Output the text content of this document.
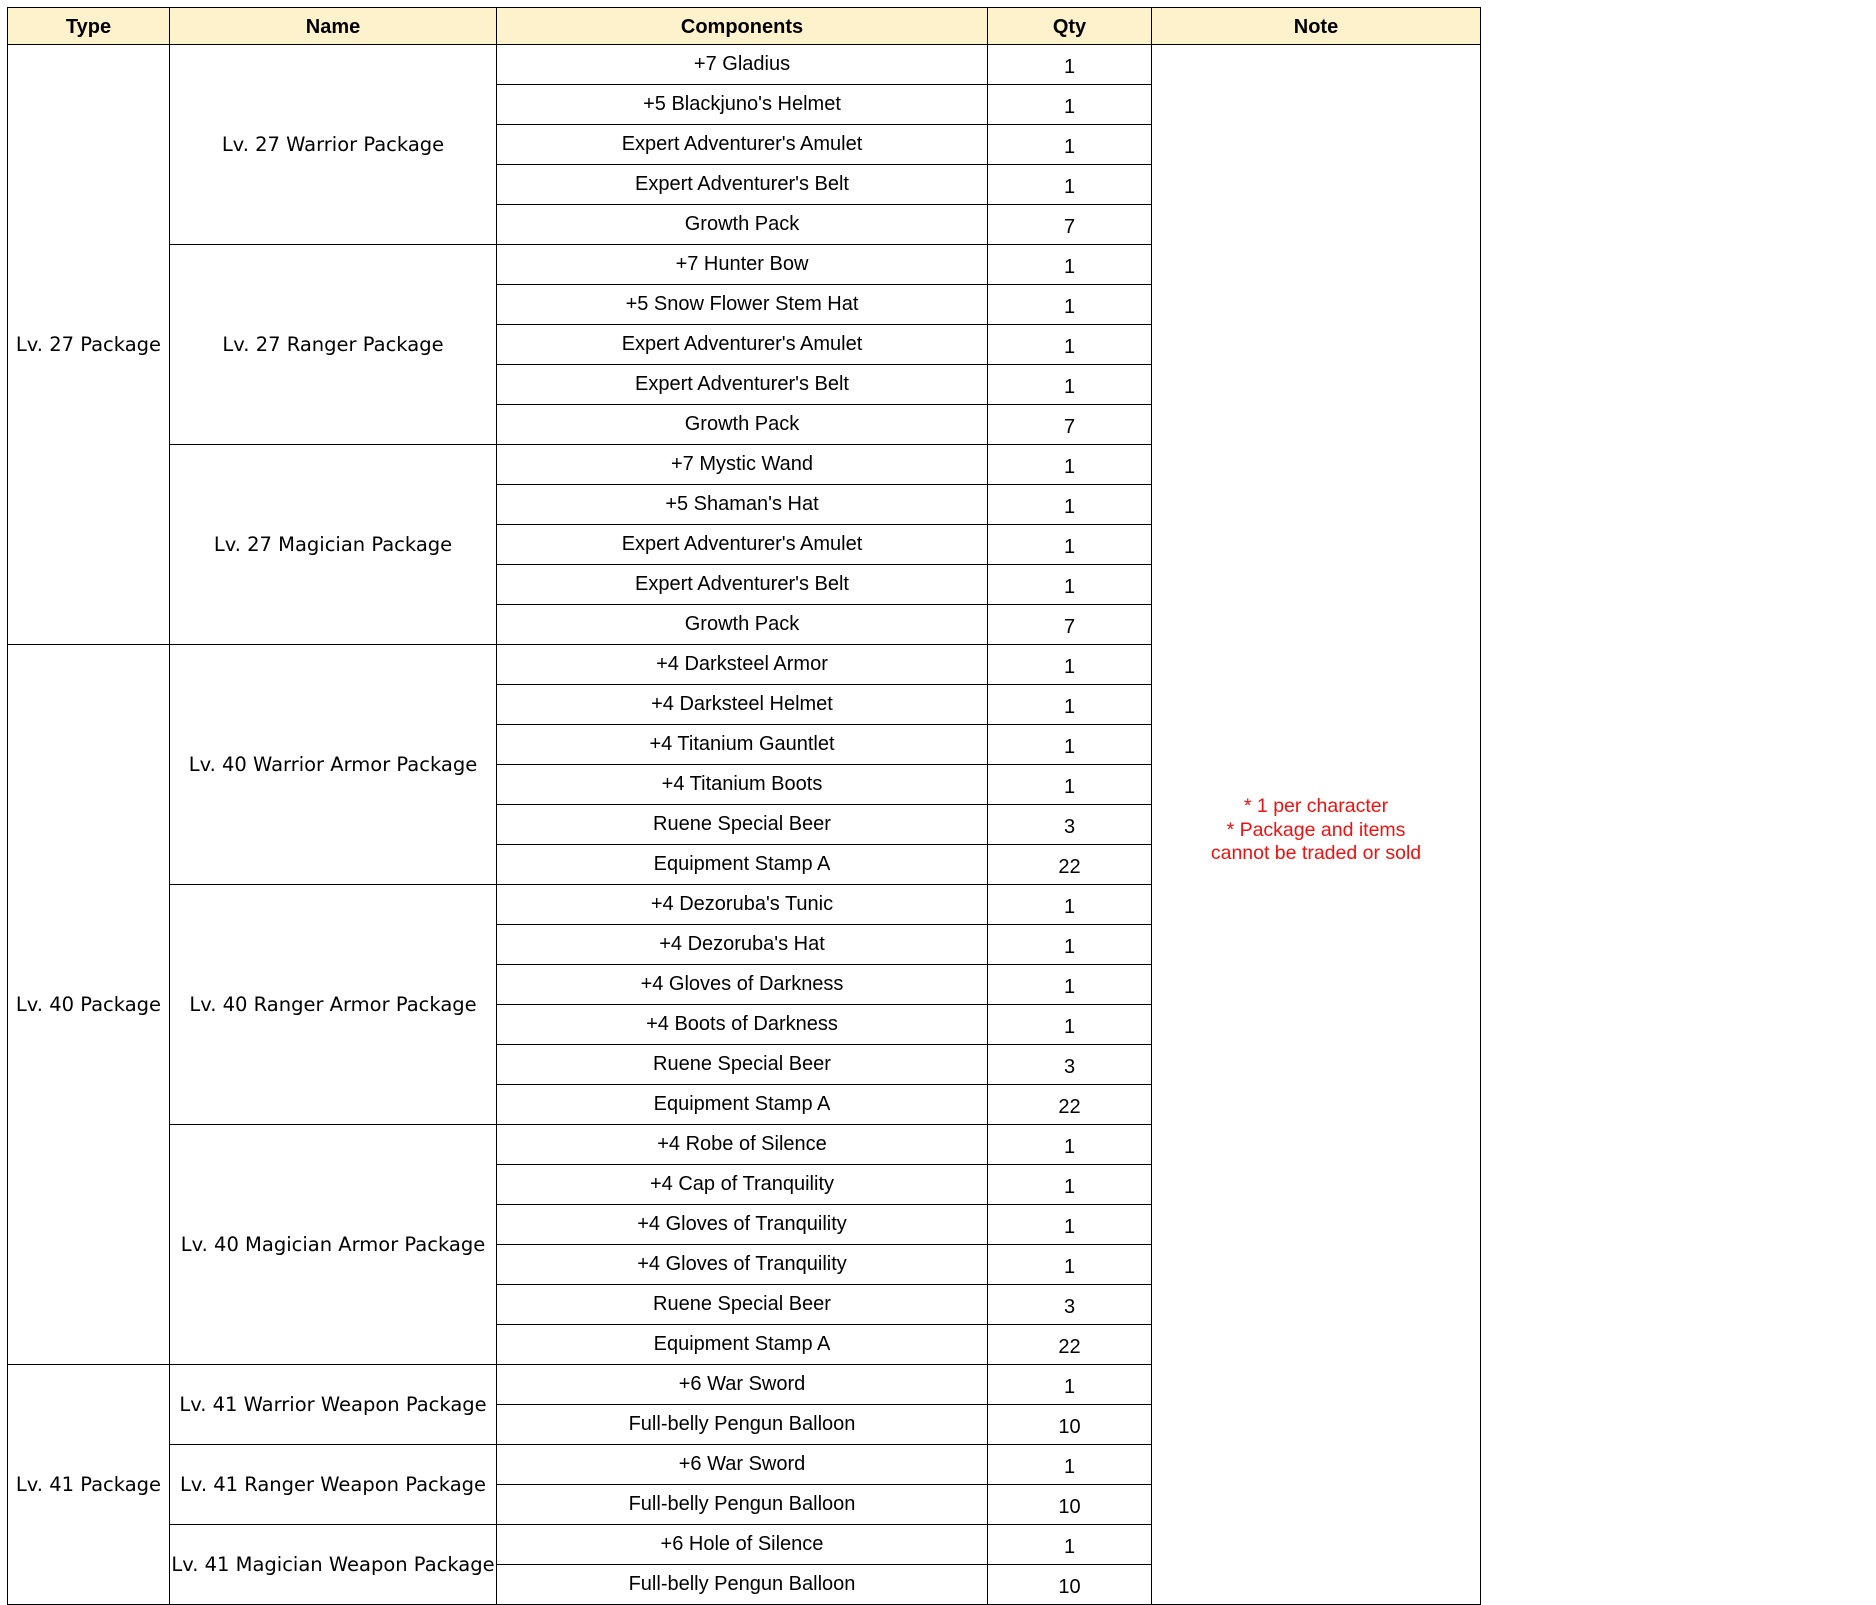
Type	Name	Components	Qty	Note
Lv. 27 Package	Lv. 27 Warrior Package	+7 Gladius	1	* 1 per character
* Package and items
cannot be traded or sold

		+5 Blackjuno's Helmet	1	
		Expert Adventurer's Amulet	1	
		Expert Adventurer's Belt	1	
		Growth Pack	7	
	Lv. 27 Ranger Package	+7 Hunter Bow	1	
		+5 Snow Flower Stem Hat	1	
		Expert Adventurer's Amulet	1	
		Expert Adventurer's Belt	1	
		Growth Pack	7	
	Lv. 27 Magician Package	+7 Mystic Wand	1	
		+5 Shaman's Hat	1	
		Expert Adventurer's Amulet	1	
		Expert Adventurer's Belt	1	
		Growth Pack	7	
Lv. 40 Package	Lv. 40 Warrior Armor Package	+4 Darksteel Armor	1	
		+4 Darksteel Helmet	1	
		+4 Titanium Gauntlet	1	
		+4 Titanium Boots	1	
		Ruene Special Beer	3	
		Equipment Stamp A	22	
	Lv. 40 Ranger Armor Package	+4 Dezoruba's Tunic	1	
		+4 Dezoruba's Hat	1	
		+4 Gloves of Darkness	1	
		+4 Boots of Darkness	1	
		Ruene Special Beer	3	
		Equipment Stamp A	22	
	Lv. 40 Magician Armor Package	+4 Robe of Silence	1	
		+4 Cap of Tranquility	1	
		+4 Gloves of Tranquility	1	
		+4 Gloves of Tranquility	1	
		Ruene Special Beer	3	
		Equipment Stamp A	22	
Lv. 41 Package	Lv. 41 Warrior Weapon Package	+6 War Sword	1	
		Full-belly Pengun Balloon	10	
	Lv. 41 Ranger Weapon Package	+6 War Sword	1	
		Full-belly Pengun Balloon	10	
	Lv. 41 Magician Weapon Package	+6 Hole of Silence	1	
		Full-belly Pengun Balloon	10	
